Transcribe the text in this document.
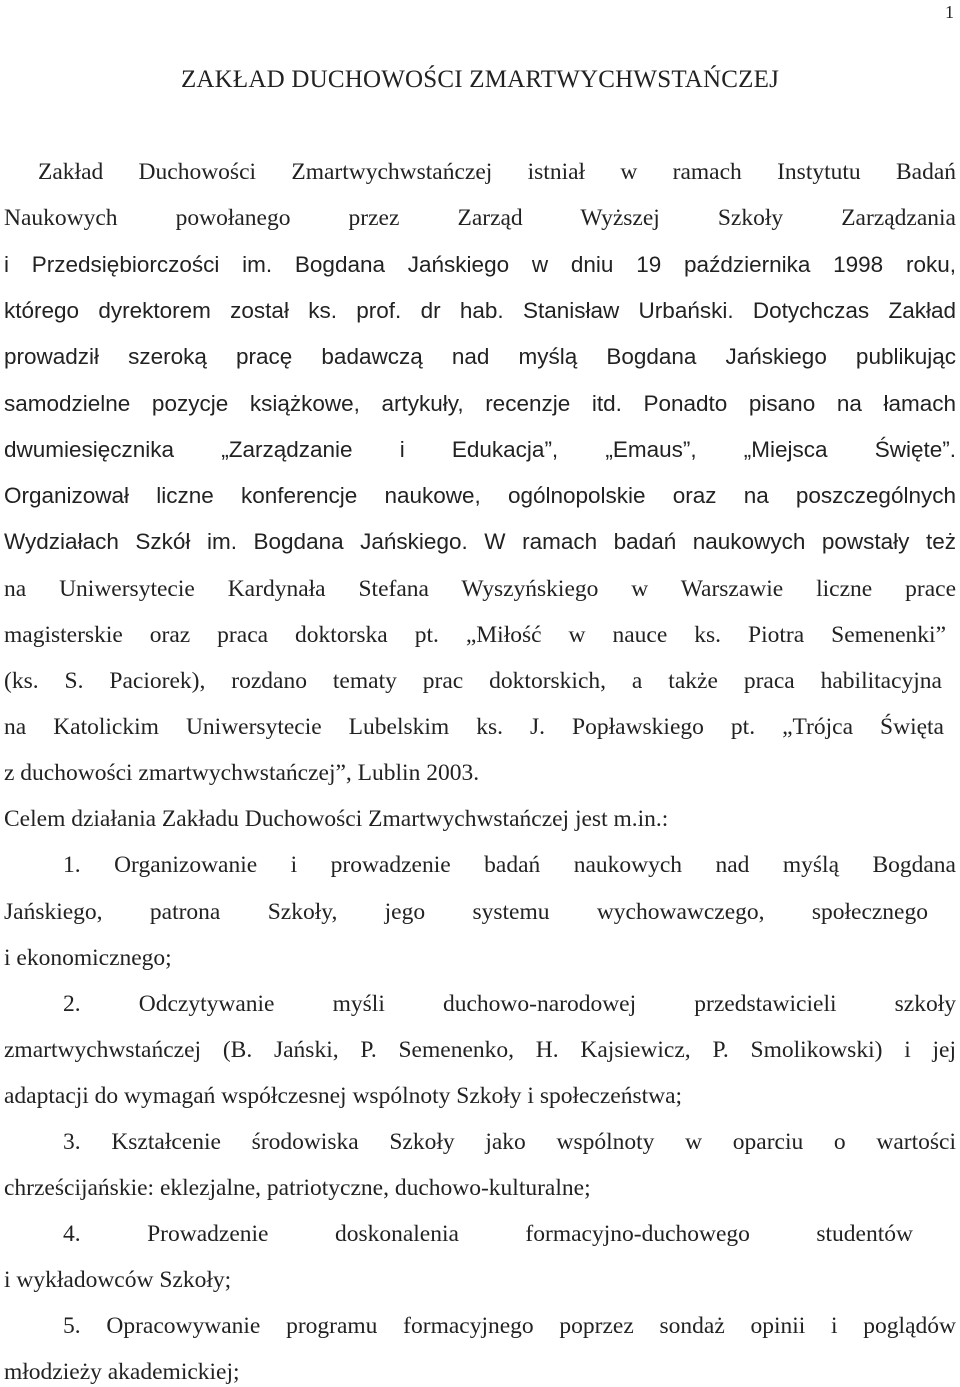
1
ZAKŁAD DUCHOWOŚCI ZMARTWYCHWSTAŃCZEJ
Zakład Duchowości Zmartwychwstańczej istniał w ramach Instytutu Badań
Naukowych powołanego przez Zarząd Wyższej Szkoły Zarządzania
i Przedsiębiorczości im. Bogdana Jańskiego w dniu 19 października 1998 roku,
którego dyrektorem został ks. prof. dr hab. Stanisław Urbański. Dotychczas Zakład
prowadził szeroką pracę badawczą nad myślą Bogdana Jańskiego publikując
samodzielne pozycje książkowe, artykuły, recenzje itd. Ponadto pisano na łamach
dwumiesięcznika „Zarządzanie i Edukacja”, „Emaus”, „Miejsca Święte”.
Organizował liczne konferencje naukowe, ogólnopolskie oraz na poszczególnych
Wydziałach Szkół im. Bogdana Jańskiego. W ramach badań naukowych powstały też
na Uniwersytecie Kardynała Stefana Wyszyńskiego w Warszawie liczne prace
magisterskie oraz praca doktorska pt. „Miłość w nauce ks. Piotra Semenenki”
(ks. S. Paciorek), rozdano tematy prac doktorskich, a także praca habilitacyjna
na Katolickim Uniwersytecie Lubelskim ks. J. Popławskiego pt. „Trójca Święta
z duchowości zmartwychwstańczej”, Lublin 2003.
Celem działania Zakładu Duchowości Zmartwychwstańczej jest m.in.:
1. Organizowanie i prowadzenie badań naukowych nad myślą Bogdana
Jańskiego, patrona Szkoły, jego systemu wychowawczego, społecznego
i ekonomicznego;
2. Odczytywanie myśli duchowo-narodowej przedstawicieli szkoły
zmartwychwstańczej (B. Jański, P. Semenenko, H. Kajsiewicz, P. Smolikowski) i jej
adaptacji do wymagań współczesnej wspólnoty Szkoły i społeczeństwa;
3. Kształcenie środowiska Szkoły jako wspólnoty w oparciu o wartości
chrześcijańskie: eklezjalne, patriotyczne, duchowo-kulturalne;
4. Prowadzenie doskonalenia formacyjno-duchowego studentów
i wykładowców Szkoły;
5. Opracowywanie programu formacyjnego poprzez sondaż opinii i poglądów
młodzieży akademickiej;
